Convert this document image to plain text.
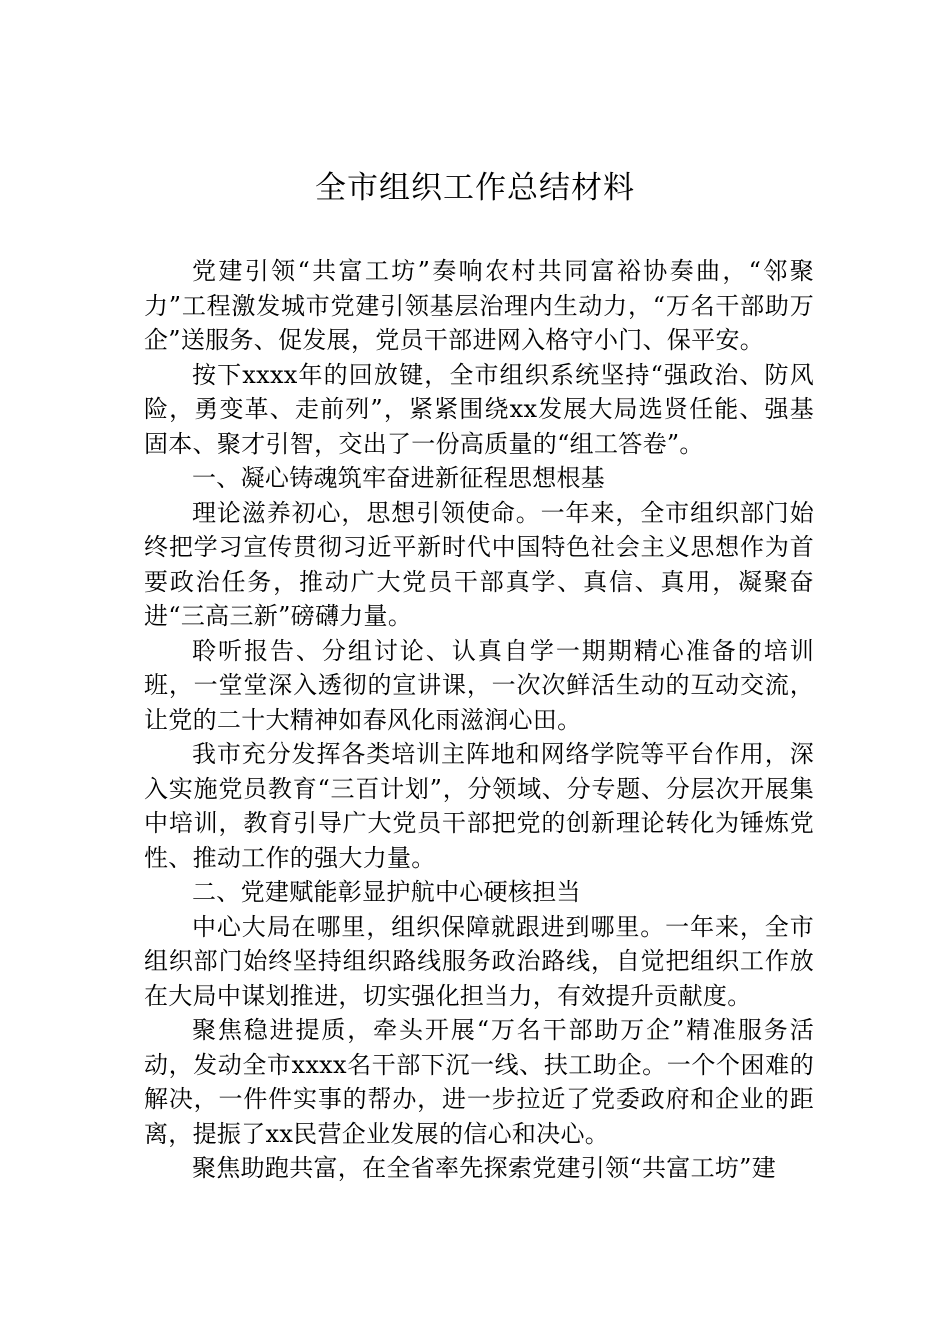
全市组织工作总结材料

党建引领“共富工坊”奏响农村共同富裕协奏曲，“邻聚力”工程激发城市党建引领基层治理内生动力，“万名干部助万企”送服务、促发展，党员干部进网入格守小门、保平安。

按下xxxx年的回放键，全市组织系统坚持“强政治、防风险，勇变革、走前列”，紧紧围绕xx发展大局选贤任能、强基固本、聚才引智，交出了一份高质量的“组工答卷”。

一、凝心铸魂筑牢奋进新征程思想根基

理论滋养初心，思想引领使命。一年来，全市组织部门始终把学习宣传贯彻习近平新时代中国特色社会主义思想作为首要政治任务，推动广大党员干部真学、真信、真用，凝聚奋进“三高三新”磅礴力量。

聆听报告、分组讨论、认真自学一期期精心准备的培训班，一堂堂深入透彻的宣讲课，一次次鲜活生动的互动交流，让党的二十大精神如春风化雨滋润心田。

我市充分发挥各类培训主阵地和网络学院等平台作用，深入实施党员教育“三百计划”，分领域、分专题、分层次开展集中培训，教育引导广大党员干部把党的创新理论转化为锤炼党性、推动工作的强大力量。

二、党建赋能彰显护航中心硬核担当

中心大局在哪里，组织保障就跟进到哪里。一年来，全市组织部门始终坚持组织路线服务政治路线，自觉把组织工作放在大局中谋划推进，切实强化担当力，有效提升贡献度。

聚焦稳进提质，牵头开展“万名干部助万企”精准服务活动，发动全市xxxx名干部下沉一线、扶工助企。一个个困难的解决，一件件实事的帮办，进一步拉近了党委政府和企业的距离，提振了xx民营企业发展的信心和决心。

聚焦助跑共富，在全省率先探索党建引领“共富工坊”建
